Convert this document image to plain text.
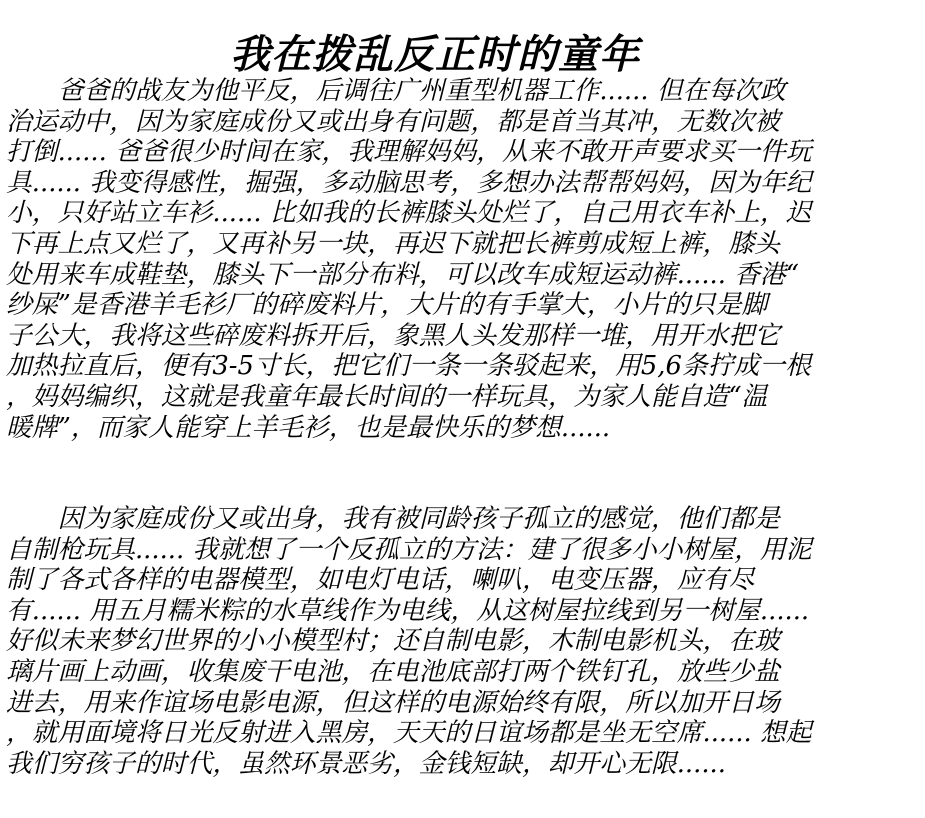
我在拨乱反正时的童年
　　爸爸的战友为他平反，后调往广州重型机器工作...... 但在每次政
治运动中，因为家庭成份又或出身有问题，都是首当其冲，无数次被
打倒...... 爸爸很少时间在家，我理解妈妈，从来不敢开声要求买一件玩
具...... 我变得感性，掘强，多动脑思考，多想办法帮帮妈妈，因为年纪
小，只好站立车衫...... 比如我的长裤膝头处烂了，自己用衣车补上，迟
下再上点又烂了，又再补另一块，再迟下就把长裤剪成短上裤，膝头
处用来车成鞋垫，膝头下一部分布料，可以改车成短运动裤...... 香港“
纱屎”是香港羊毛衫厂的碎废料片，大片的有手掌大，小片的只是脚
子公大，我将这些碎废料拆开后，象黑人头发那样一堆，用开水把它
加热拉直后，便有3-5寸长，把它们一条一条驳起来，用5,6条拧成一根
，妈妈编织，这就是我童年最长时间的一样玩具，为家人能自造“温
暖牌”，而家人能穿上羊毛衫，也是最快乐的梦想......
　　因为家庭成份又或出身，我有被同龄孩子孤立的感觉，他们都是
自制枪玩具...... 我就想了一个反孤立的方法：建了很多小小树屋，用泥
制了各式各样的电器模型，如电灯电话，喇叭，电变压器，应有尽
有...... 用五月糯米粽的水草线作为电线，从这树屋拉线到另一树屋......
好似未来梦幻世界的小小模型村；还自制电影，木制电影机头，在玻
璃片画上动画，收集废干电池，在电池底部打两个铁钉孔，放些少盐
进去，用来作谊场电影电源，但这样的电源始终有限，所以加开日场
，就用面境将日光反射进入黑房，天天的日谊场都是坐无空席...... 想起
我们穷孩子的时代，虽然环景恶劣，金钱短缺，却开心无限......
